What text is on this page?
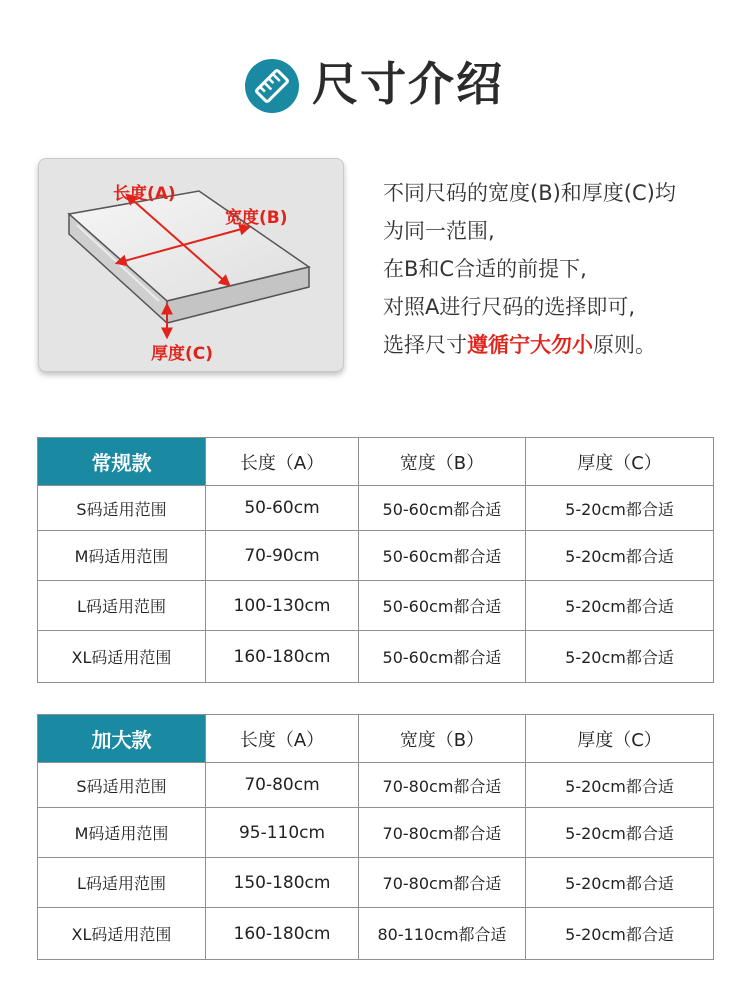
尺寸介绍
长度(A)
宽度(B)
厚度(C)

不同尺码的宽度(B)和厚度(C)均

为同一范围,

在B和C合适的前提下,

对照A进行尺码的选择即可,

选择尺寸遵循宁大勿小原则。

常规款	长度（A）	宽度（B）	厚度（C）
S码适用范围	50-60cm	50-60cm都合适	5-20cm都合适
M码适用范围	70-90cm	50-60cm都合适	5-20cm都合适
L码适用范围	100-130cm	50-60cm都合适	5-20cm都合适
XL码适用范围	160-180cm	50-60cm都合适	5-20cm都合适
加大款	长度（A）	宽度（B）	厚度（C）
S码适用范围	70-80cm	70-80cm都合适	5-20cm都合适
M码适用范围	95-110cm	70-80cm都合适	5-20cm都合适
L码适用范围	150-180cm	70-80cm都合适	5-20cm都合适
XL码适用范围	160-180cm	80-110cm都合适	5-20cm都合适
